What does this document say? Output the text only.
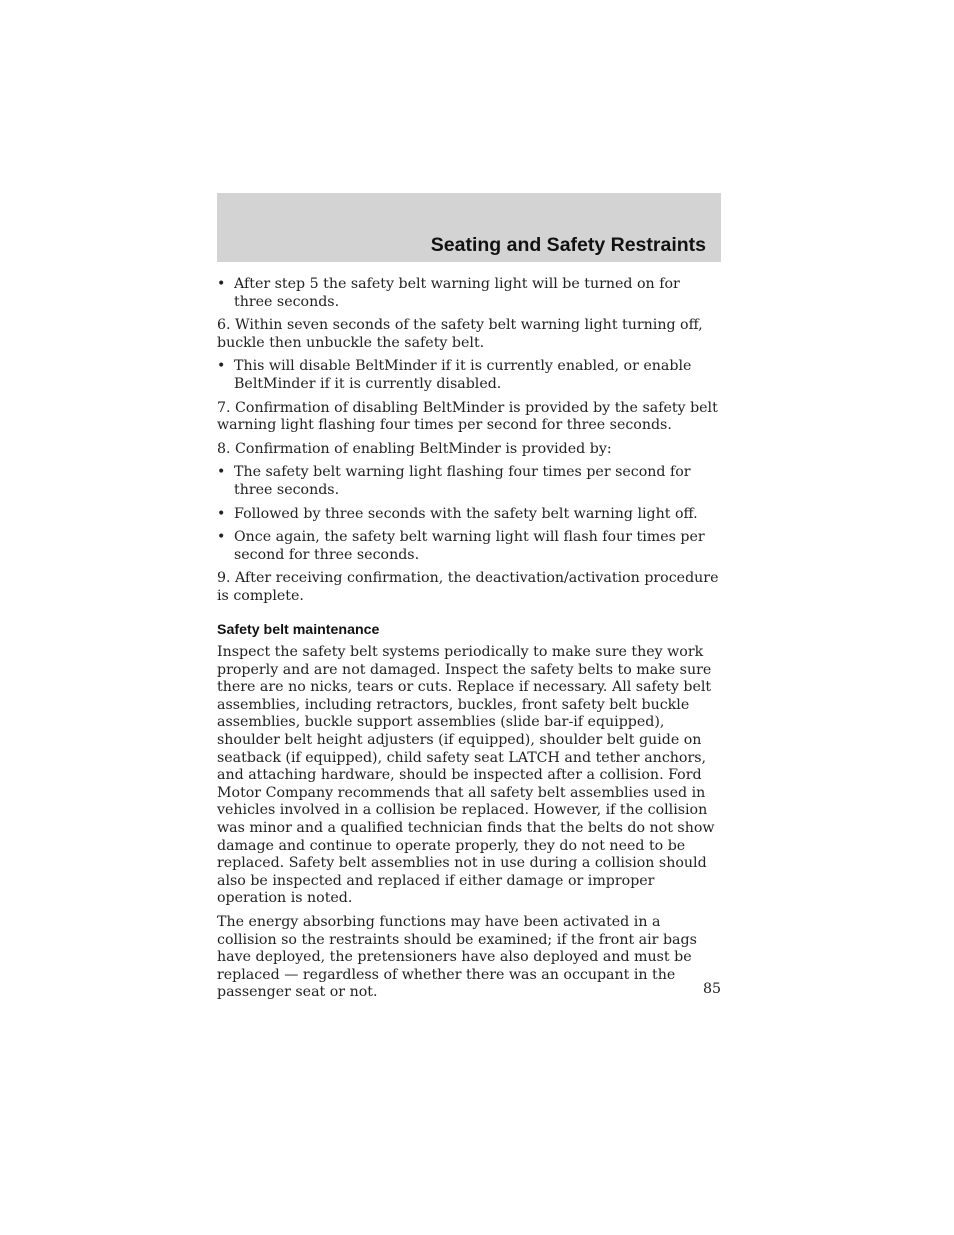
Seating and Safety Restraints
• After step 5 the safety belt warning light will be turned on for three seconds.

6. Within seven seconds of the safety belt warning light turning off, buckle then unbuckle the safety belt.

• This will disable BeltMinder if it is currently enabled, or enable BeltMinder if it is currently disabled.

7. Confirmation of disabling BeltMinder is provided by the safety belt warning light flashing four times per second for three seconds.

8. Confirmation of enabling BeltMinder is provided by:

• The safety belt warning light flashing four times per second for three seconds.
• Followed by three seconds with the safety belt warning light off.
• Once again, the safety belt warning light will flash four times per second for three seconds.

9. After receiving confirmation, the deactivation/activation procedure is complete.

Safety belt maintenance

Inspect the safety belt systems periodically to make sure they work properly and are not damaged. Inspect the safety belts to make sure there are no nicks, tears or cuts. Replace if necessary. All safety belt assemblies, including retractors, buckles, front safety belt buckle assemblies, buckle support assemblies (slide bar-if equipped), shoulder belt height adjusters (if equipped), shoulder belt guide on seatback (if equipped), child safety seat LATCH and tether anchors, and attaching hardware, should be inspected after a collision. Ford Motor Company recommends that all safety belt assemblies used in vehicles involved in a collision be replaced. However, if the collision was minor and a qualified technician finds that the belts do not show damage and continue to operate properly, they do not need to be replaced. Safety belt assemblies not in use during a collision should also be inspected and replaced if either damage or improper operation is noted.

The energy absorbing functions may have been activated in a collision so the restraints should be examined; if the front air bags have deployed, the pretensioners have also deployed and must be replaced — regardless of whether there was an occupant in the passenger seat or not.	85
